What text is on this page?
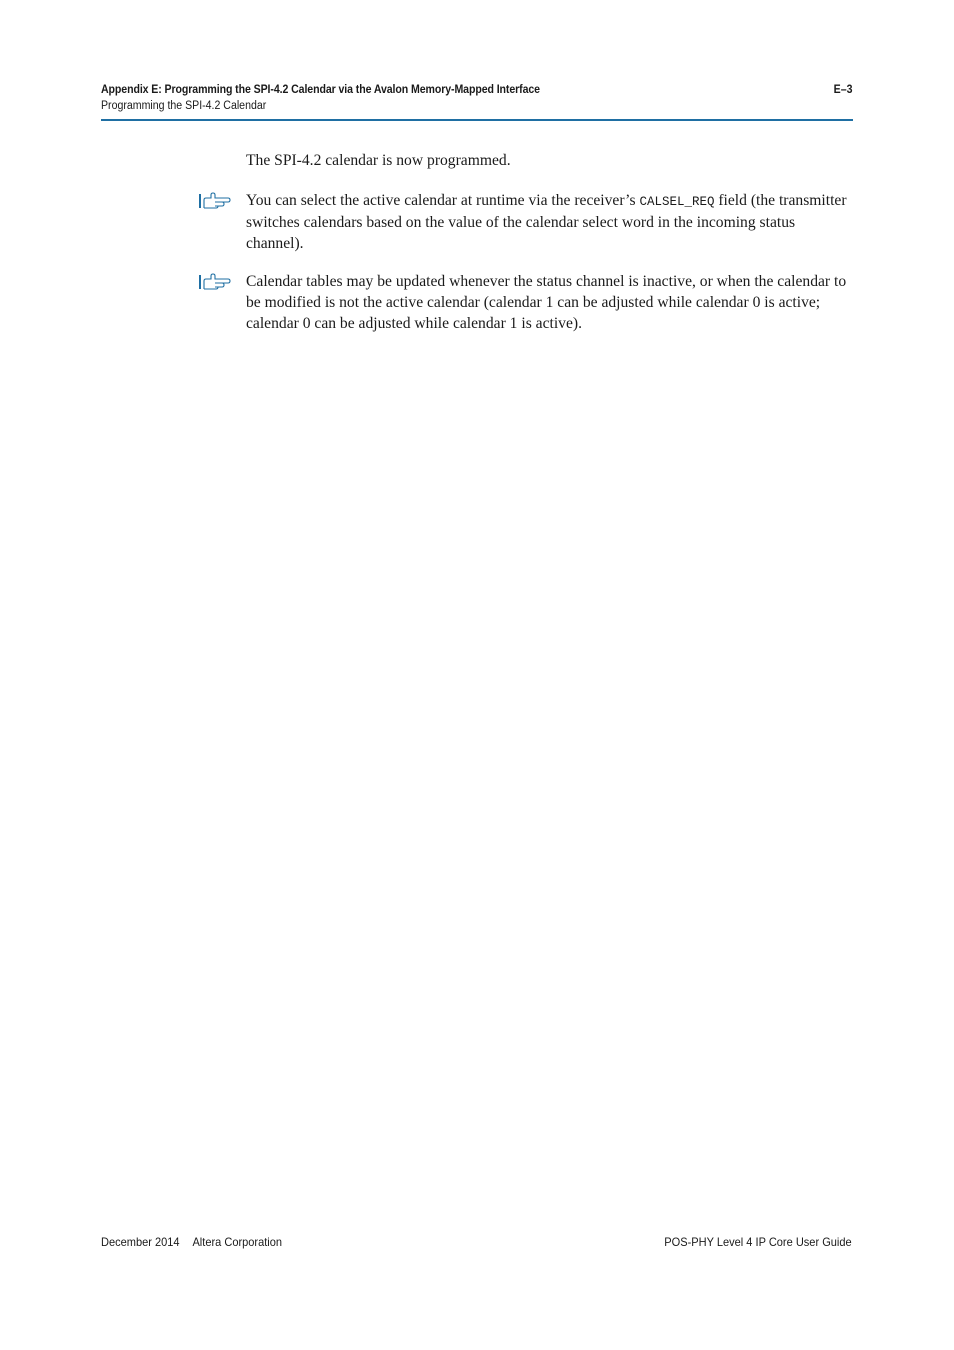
Appendix E: Programming the SPI-4.2 Calendar via the Avalon Memory-Mapped Interface	E–3
Programming the SPI-4.2 Calendar
The SPI-4.2 calendar is now programmed.
You can select the active calendar at runtime via the receiver’s CALSEL_REQ field (the transmitter switches calendars based on the value of the calendar select word in the incoming status channel).
Calendar tables may be updated whenever the status channel is inactive, or when the calendar to be modified is not the active calendar (calendar 1 can be adjusted while calendar 0 is active; calendar 0 can be adjusted while calendar 1 is active).
December 2014 Altera Corporation	POS-PHY Level 4 IP Core User Guide
